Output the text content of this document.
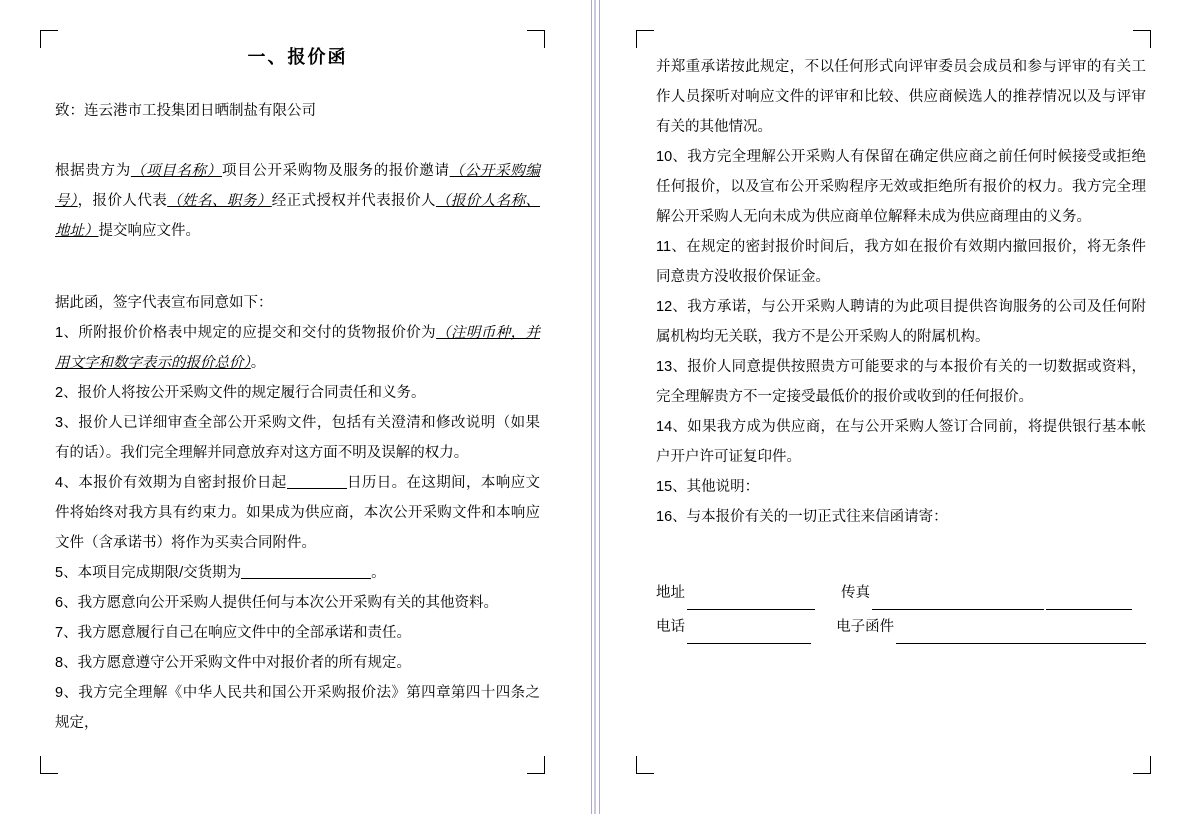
一、报价函

致：连云港市工投集团日晒制盐有限公司

根据贵方为（项目名称）项目公开采购物及服务的报价邀请（公开采购编号），报价人代表（姓名、职务）经正式授权并代表报价人（报价人名称、地址）提交响应文件。

据此函，签字代表宣布同意如下：

1、所附报价价格表中规定的应提交和交付的货物报价价为（注明币种，并用文字和数字表示的报价总价）。

2、报价人将按公开采购文件的规定履行合同责任和义务。

3、报价人已详细审查全部公开采购文件，包括有关澄清和修改说明（如果有的话）。我们完全理解并同意放弃对这方面不明及误解的权力。

4、本报价有效期为自密封报价日起	日历日。在这期间，本响应文件将始终对我方具有约束力。如果成为供应商，本次公开采购文件和本响应文件（含承诺书）将作为买卖合同附件。

5、本项目完成期限/交货期为	。

6、我方愿意向公开采购人提供任何与本次公开采购有关的其他资料。

7、我方愿意履行自己在响应文件中的全部承诺和责任。

8、我方愿意遵守公开采购文件中对报价者的所有规定。

9、我方完全理解《中华人民共和国公开采购报价法》第四章第四十四条之规定，

并郑重承诺按此规定，不以任何形式向评审委员会成员和参与评审的有关工作人员探听对响应文件的评审和比较、供应商候选人的推荐情况以及与评审有关的其他情况。

10、我方完全理解公开采购人有保留在确定供应商之前任何时候接受或拒绝任何报价，以及宣布公开采购程序无效或拒绝所有报价的权力。我方完全理解公开采购人无向未成为供应商单位解释未成为供应商理由的义务。

11、在规定的密封报价时间后，我方如在报价有效期内撤回报价，将无条件同意贵方没收报价保证金。

12、我方承诺，与公开采购人聘请的为此项目提供咨询服务的公司及任何附属机构均无关联，我方不是公开采购人的附属机构。

13、报价人同意提供按照贵方可能要求的与本报价有关的一切数据或资料，完全理解贵方不一定接受最低价的报价或收到的任何报价。

14、如果我方成为供应商，在与公开采购人签订合同前，将提供银行基本帐户开户许可证复印件。

15、其他说明：

16、与本报价有关的一切正式往来信函请寄：

地址	传真
电话	电子函件
